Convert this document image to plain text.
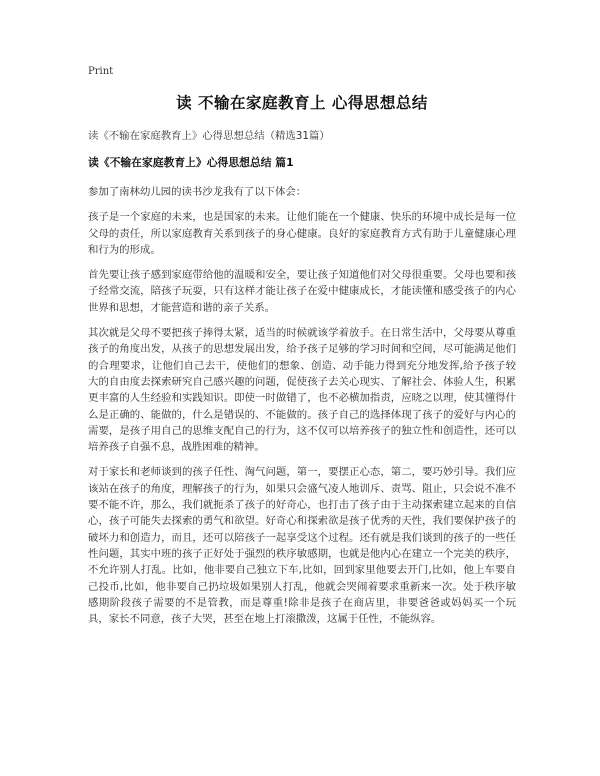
Print
读 不输在家庭教育上 心得思想总结
读《不输在家庭教育上》心得思想总结（精选31篇）
读《不输在家庭教育上》心得思想总结 篇1

参加了南林幼儿园的读书沙龙我有了以下体会：

孩子是一个家庭的未来，也是国家的未来。让他们能在一个健康、快乐的环境中成长是每一位父母的责任，所以家庭教育关系到孩子的身心健康。良好的家庭教育方式有助于儿童健康心理和行为的形成。

首先要让孩子感到家庭带给他的温暖和安全，要让孩子知道他们对父母很重要。父母也要和孩子经常交流，陪孩子玩耍，只有这样才能让孩子在爱中健康成长，才能读懂和感受孩子的内心世界和思想，才能营造和谐的亲子关系。

其次就是父母不要把孩子捧得太紧，适当的时候就该学着放手。在日常生活中，父母要从尊重孩子的角度出发，从孩子的思想发展出发，给予孩子足够的学习时间和空间，尽可能满足他们的合理要求，让他们自己去干，使他们的想象、创造、动手能力得到充分地发挥,给予孩子较大的自由度去探索研究自己感兴趣的问题，促使孩子去关心现实、了解社会、体验人生，积累更丰富的人生经验和实践知识。即使一时做错了，也不必横加指责，应晓之以理，使其懂得什么是正确的、能做的，什么是错误的、不能做的。孩子自己的选择体现了孩子的爱好与内心的需要，是孩子用自己的思维支配自己的行为，这不仅可以培养孩子的独立性和创造性，还可以培养孩子自强不息，战胜困难的精神。

对于家长和老师谈到的孩子任性、淘气问题，第一，要摆正心态，第二，要巧妙引导。我们应该站在孩子的角度，理解孩子的行为，如果只会盛气凌人地训斥、责骂、阻止，只会说不准不要不能不许，那么，我们就扼杀了孩子的好奇心，也打击了孩子由于主动探索建立起来的自信心，孩子可能失去探索的勇气和欲望。好奇心和探索欲是孩子优秀的天性，我们要保护孩子的破坏力和创造力，而且，还可以陪孩子一起享受这个过程。还有就是我们谈到的孩子的一些任性问题，其实中班的孩子正好处于强烈的秩序敏感期，也就是他内心在建立一个完美的秩序，不允许别人打乱。比如，他非要自己独立下车,比如，回到家里他要去开门,比如，他上车要自己投币,比如，他非要自己扔垃圾如果别人打乱，他就会哭闹着要求重新来一次。处于秩序敏感期阶段孩子需要的不是管教，而是尊重!除非是孩子在商店里，非要爸爸或妈妈买一个玩具，家长不同意，孩子大哭，甚至在地上打滚撒泼，这属于任性，不能纵容。
